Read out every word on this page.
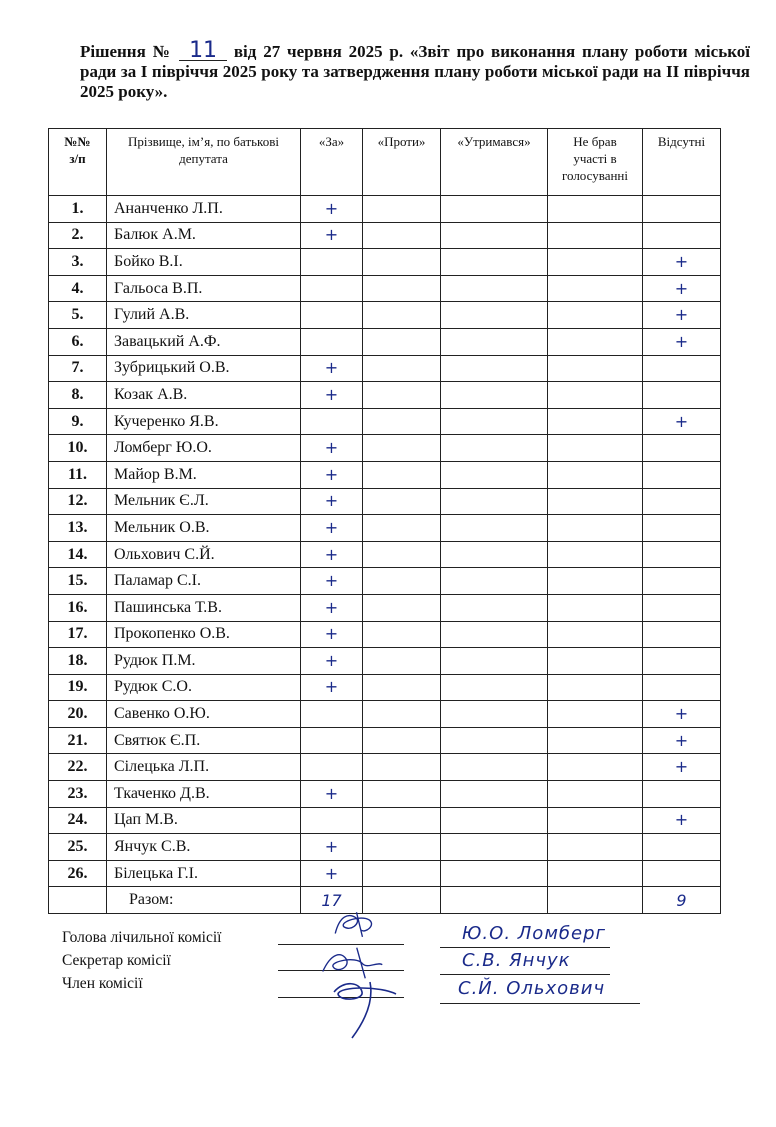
Рішення № 11 від 27 червня 2025 р. «Звіт про виконання плану роботи міської ради за І півріччя 2025 року та затвердження плану роботи міської ради на ІІ півріччя 2025 року».
№№ з/п	Прізвище, ім’я, по батькові депутата	«За»	«Проти»	«Утримався»	Не брав участі в голосуванні	Відсутні
1.	Ананченко Л.П.	+				
2.	Балюк А.М.	+				
3.	Бойко В.І.					+
4.	Гальоса В.П.					+
5.	Гулий А.В.					+
6.	Завацький А.Ф.					+
7.	Зубрицький О.В.	+				
8.	Козак А.В.	+				
9.	Кучеренко Я.В.					+
10.	Ломберг Ю.О.	+				
11.	Майор В.М.	+				
12.	Мельник Є.Л.	+				
13.	Мельник О.В.	+				
14.	Ольхович С.Й.	+				
15.	Паламар С.І.	+				
16.	Пашинська Т.В.	+				
17.	Прокопенко О.В.	+				
18.	Рудюк П.М.	+				
19.	Рудюк С.О.	+				
20.	Савенко О.Ю.					+
21.	Святюк Є.П.					+
22.	Сілецька Л.П.					+
23.	Ткаченко Д.В.	+				
24.	Цап М.В.					+
25.	Янчук С.В.	+				
26.	Білецька Г.І.	+				
	Разом:	17				9
Голова лічильної комісії
Секретар комісії
Член комісії
Ю.О. Ломберг
С.В. Янчук
С.Й. Ольхович
